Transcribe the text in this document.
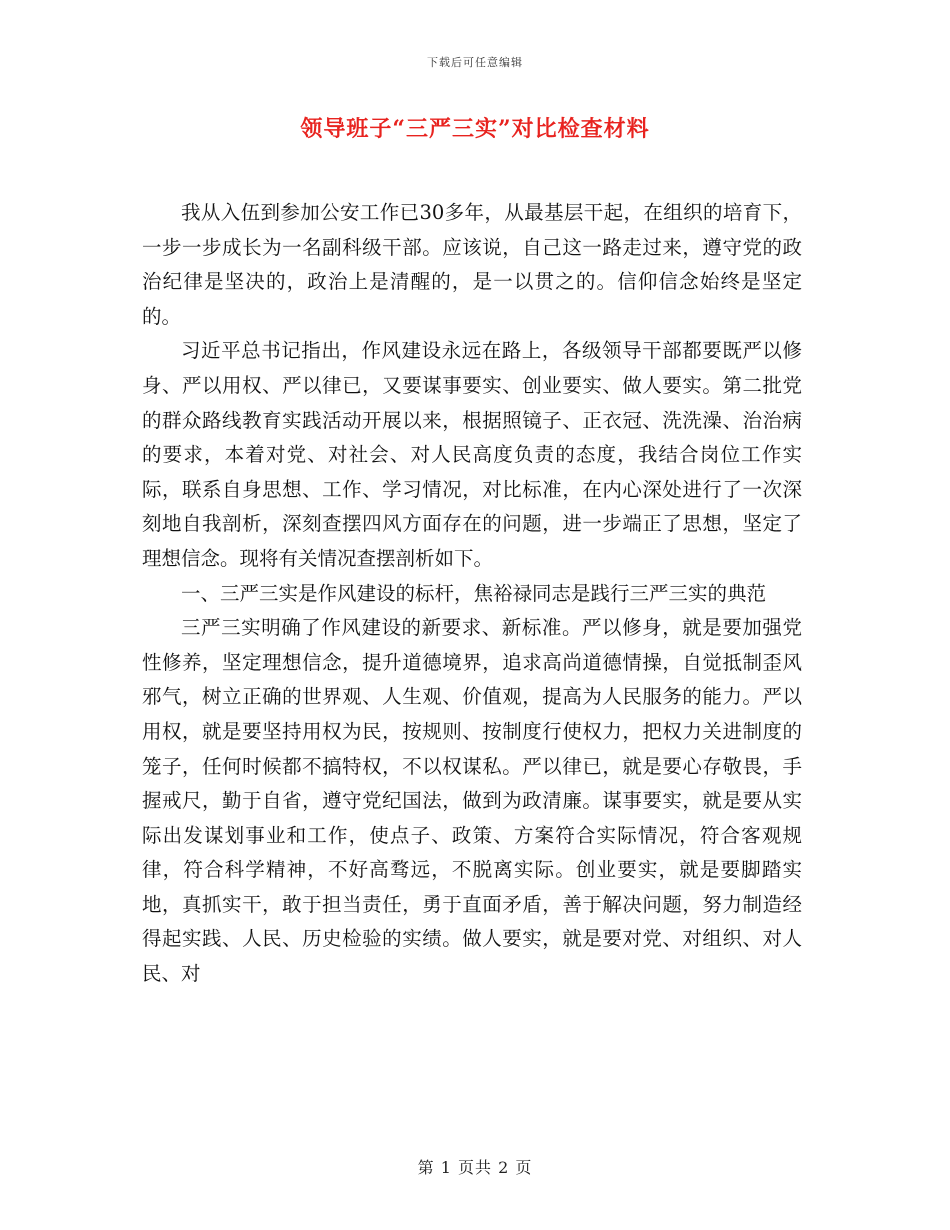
下载后可任意编辑
领导班子“三严三实”对比检查材料

我从入伍到参加公安工作已30多年，从最基层干起，在组织的培育下，一步一步成长为一名副科级干部。应该说，自己这一路走过来，遵守党的政治纪律是坚决的，政治上是清醒的，是一以贯之的。信仰信念始终是坚定的。

习近平总书记指出，作风建设永远在路上，各级领导干部都要既严以修身、严以用权、严以律已，又要谋事要实、创业要实、做人要实。第二批党的群众路线教育实践活动开展以来，根据照镜子、正衣冠、洗洗澡、治治病的要求，本着对党、对社会、对人民高度负责的态度，我结合岗位工作实际，联系自身思想、工作、学习情况，对比标准，在内心深处进行了一次深刻地自我剖析，深刻查摆四风方面存在的问题，进一步端正了思想，坚定了理想信念。现将有关情况查摆剖析如下。

一、三严三实是作风建设的标杆，焦裕禄同志是践行三严三实的典范

三严三实明确了作风建设的新要求、新标准。严以修身，就是要加强党性修养，坚定理想信念，提升道德境界，追求高尚道德情操，自觉抵制歪风邪气，树立正确的世界观、人生观、价值观，提高为人民服务的能力。严以用权，就是要坚持用权为民，按规则、按制度行使权力，把权力关进制度的笼子，任何时候都不搞特权，不以权谋私。严以律已，就是要心存敬畏，手握戒尺，勤于自省，遵守党纪国法，做到为政清廉。谋事要实，就是要从实际出发谋划事业和工作，使点子、政策、方案符合实际情况，符合客观规律，符合科学精神，不好高骛远，不脱离实际。创业要实，就是要脚踏实地，真抓实干，敢于担当责任，勇于直面矛盾，善于解决问题，努力制造经得起实践、人民、历史检验的实绩。做人要实，就是要对党、对组织、对人民、对

第 1 页共 2 页
